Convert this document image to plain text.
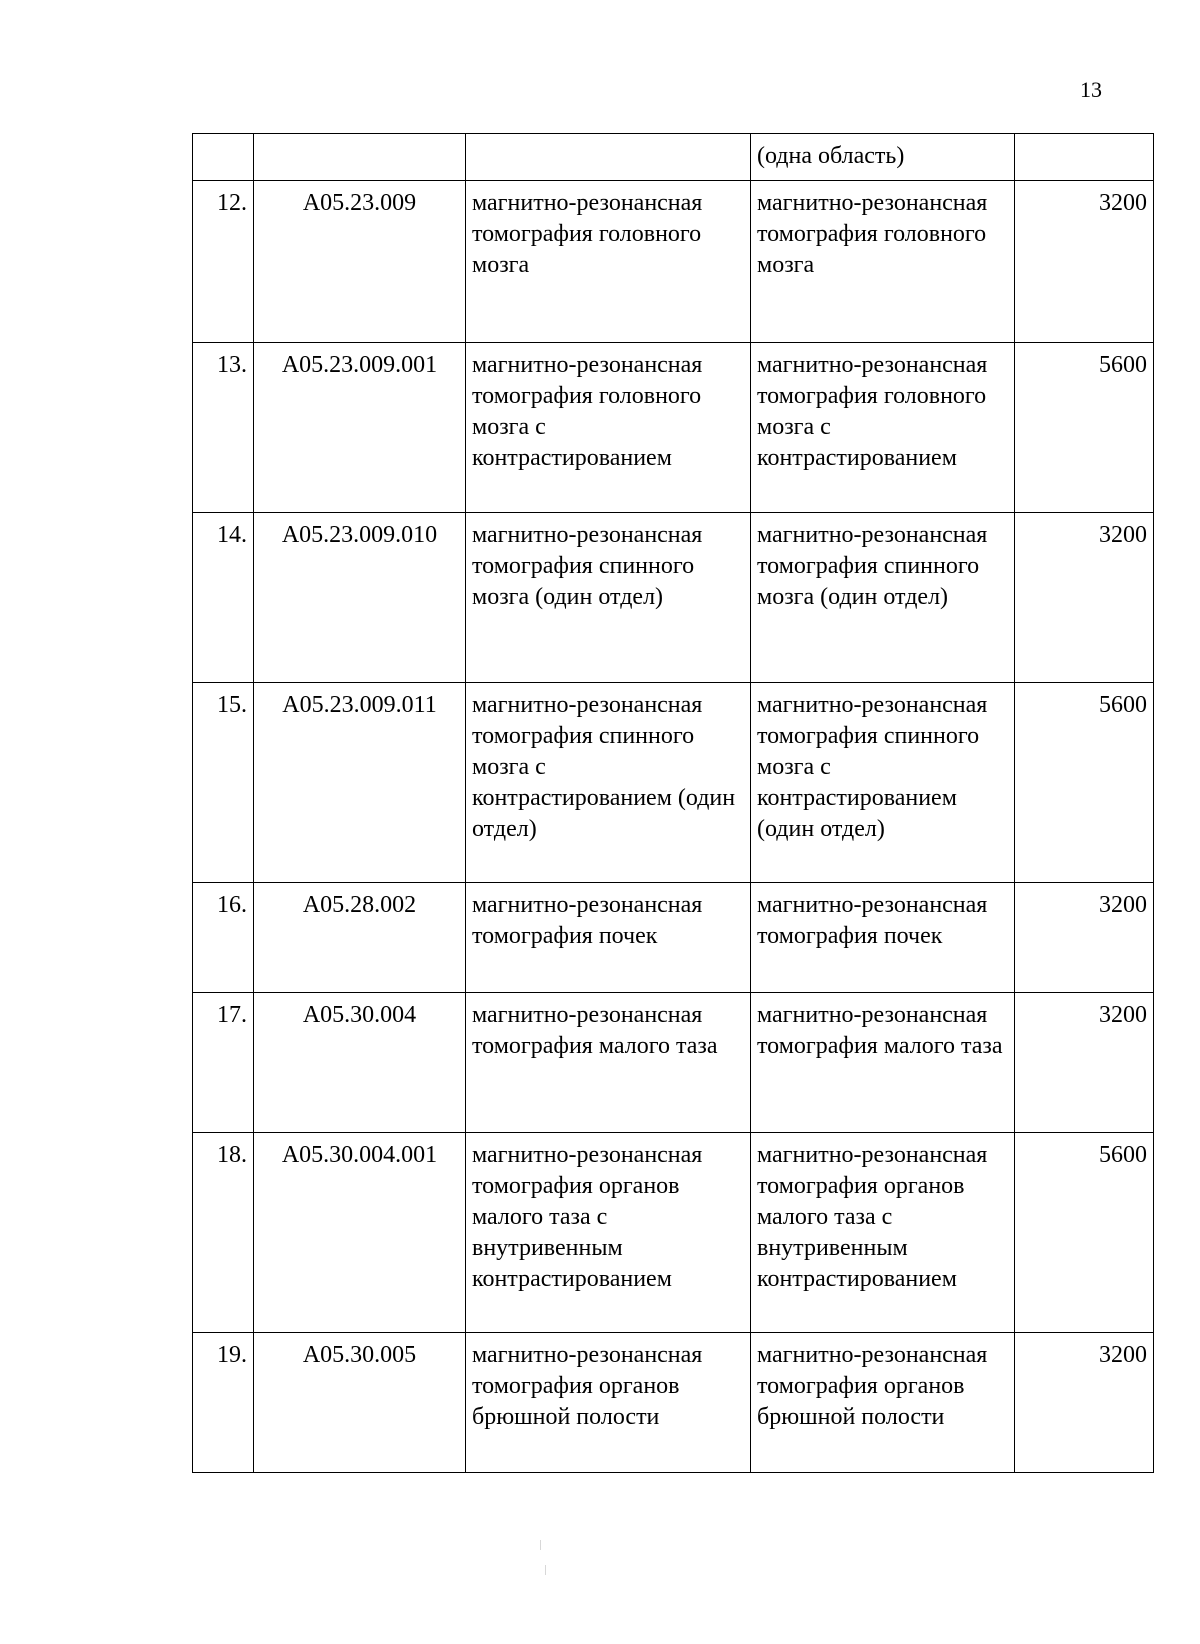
13
			(одна область)	
12.	А05.23.009	магнитно-резонансная томография головного мозга	магнитно-резонансная томография головного мозга	3200
13.	А05.23.009.001	магнитно-резонансная томография головного мозга с контрастированием	магнитно-резонансная томография головного мозга с контрастированием	5600
14.	А05.23.009.010	магнитно-резонансная томография спинного мозга (один отдел)	магнитно-резонансная томография спинного мозга (один отдел)	3200
15.	А05.23.009.011	магнитно-резонансная томография спинного мозга с контрастированием (один отдел)	магнитно-резонансная томография спинного мозга с контрастированием (один отдел)	5600
16.	А05.28.002	магнитно-резонансная томография почек	магнитно-резонансная томография почек	3200
17.	А05.30.004	магнитно-резонансная томография малого таза	магнитно-резонансная томография малого таза	3200
18.	А05.30.004.001	магнитно-резонансная томография органов малого таза с внутривенным контрастированием	магнитно-резонансная томография органов малого таза с внутривенным контрастированием	5600
19.	А05.30.005	магнитно-резонансная томография органов брюшной полости	магнитно-резонансная томография органов брюшной полости	3200
